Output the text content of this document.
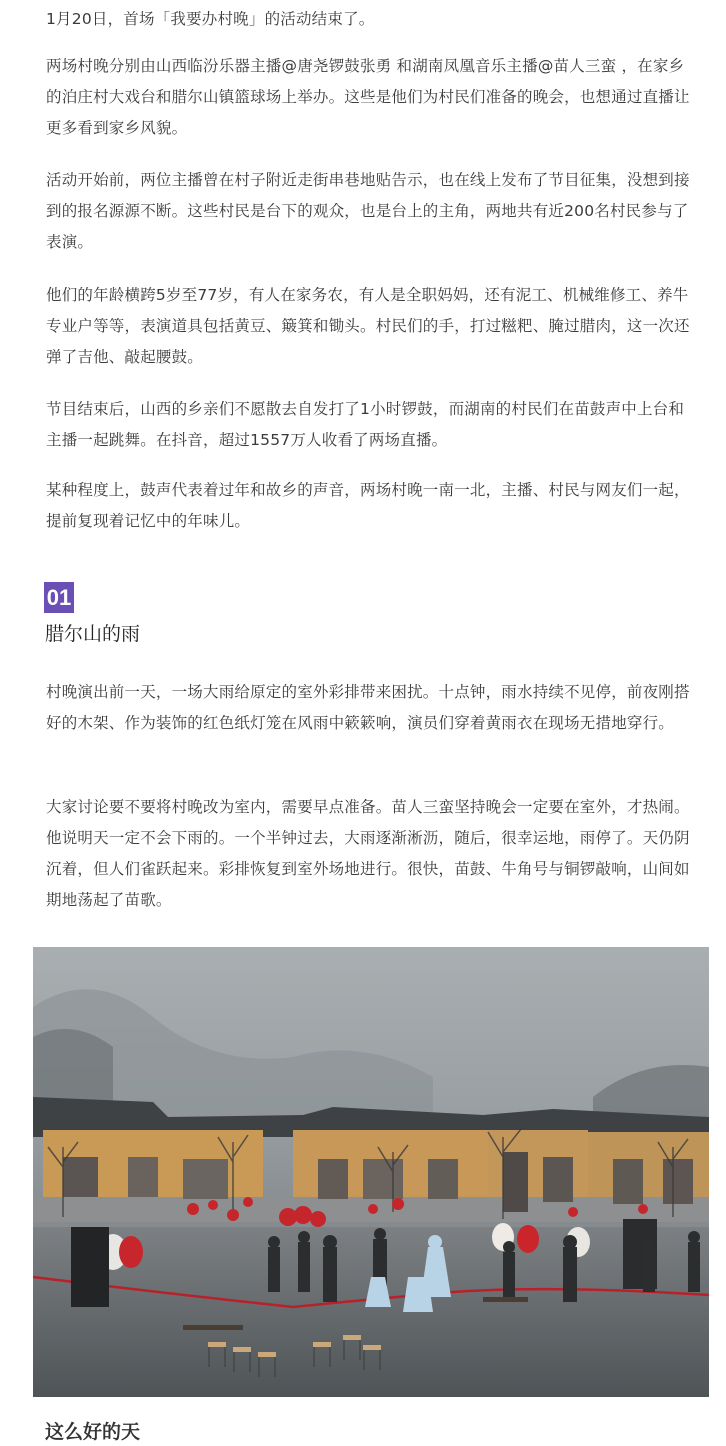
1月20日，首场「我要办村晚」的活动结束了。

两场村晚分别由山西临汾乐器主播@唐尧锣鼓张勇 和湖南凤凰音乐主播@苗人三蛮 ，在家乡的泊庄村大戏台和腊尔山镇篮球场上举办。这些是他们为村民们准备的晚会，也想通过直播让更多看到家乡风貌。

活动开始前，两位主播曾在村子附近走街串巷地贴告示，也在线上发布了节目征集，没想到接到的报名源源不断。这些村民是台下的观众，也是台上的主角，两地共有近200名村民参与了表演。

他们的年龄横跨5岁至77岁，有人在家务农，有人是全职妈妈，还有泥工、机械维修工、养牛专业户等等，表演道具包括黄豆、簸箕和锄头。村民们的手，打过糍粑、腌过腊肉，这一次还弹了吉他、敲起腰鼓。

节目结束后，山西的乡亲们不愿散去自发打了1小时锣鼓，而湖南的村民们在苗鼓声中上台和主播一起跳舞。在抖音，超过1557万人收看了两场直播。

某种程度上，鼓声代表着过年和故乡的声音，两场村晚一南一北，主播、村民与网友们一起，提前复现着记忆中的年味儿。

01
腊尔山的雨

村晚演出前一天，一场大雨给原定的室外彩排带来困扰。十点钟，雨水持续不见停，前夜刚搭好的木架、作为装饰的红色纸灯笼在风雨中簌簌响，演员们穿着黄雨衣在现场无措地穿行。

大家讨论要不要将村晚改为室内，需要早点准备。苗人三蛮坚持晚会一定要在室外，才热闹。他说明天一定不会下雨的。一个半钟过去，大雨逐渐淅沥，随后，很幸运地，雨停了。天仍阴沉着，但人们雀跃起来。彩排恢复到室外场地进行。很快，苗鼓、牛角号与铜锣敲响，山间如期地荡起了苗歌。

这么好的天
